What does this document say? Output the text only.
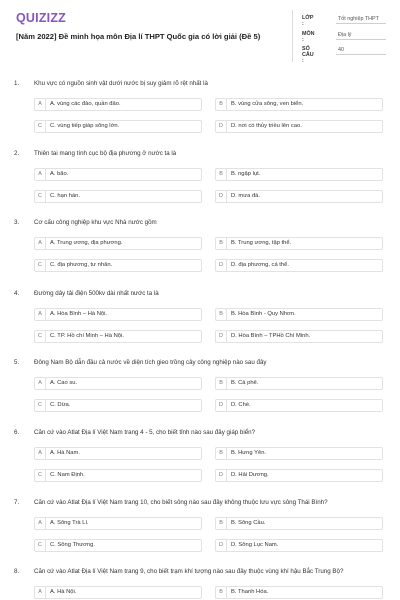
QUIZIZZ
[Năm 2022] Đề minh họa môn Địa lí THPT Quốc gia có lời giải (Đề 5)
LỚP :
Tốt nghiệp THPT
MÔN :
Địa lý
SỐ CÂU :
40
1. Khu vực có nguồn sinh vật dưới nước bị suy giảm rõ rệt nhất là
A	A. vùng các đảo, quần đảo.	B	B. vùng cửa sông, ven biển.
C	C. vùng tiếp giáp sông lớn.	D	D. nơi có thủy triều lên cao.
2. Thiên tai mang tính cục bộ địa phương ở nước ta là
A	A. bão.	B	B. ngập lụt.
C	C. hạn hán.	D	D. mưa đá.
3. Cơ cấu công nghiệp khu vực Nhà nước gồm
A	A. Trung ương, địa phương.	B	B. Trung ương, tập thể.
C	C. địa phương, tư nhân.	D	D. địa phương, cá thể.
4. Đường dây tải điện 500kv dài nhất nước ta là
A	A. Hòa Bình – Hà Nội.	B	B. Hòa Bình - Quy Nhơn.
C	C. TP. Hồ chí Minh – Hà Nội.	D	D. Hòa Bình – TPHồ Chí Minh.
5. Đông Nam Bộ dẫn đầu cả nước về diện tích gieo trồng cây công nghiệp nào sau đây
A	A. Cao su.	B	B. Cà phê.
C	C. Dừa.	D	D. Chè.
6. Căn cứ vào Atlat Địa lí Việt Nam trang 4 - 5, cho biết tỉnh nào sau đây giáp biển?
A	A. Hà Nam.	B	B. Hưng Yên.
C	C. Nam Định.	D	D. Hải Dương.
7. Căn cứ vào Atlat Địa lí Việt Nam trang 10, cho biết sông nào sau đây không thuộc lưu vực sông Thái Bình?
A	A. Sông Trà Lí.	B	B. Sông Cầu.
C	C. Sông Thương.	D	D. Sông Lục Nam.
8. Căn cứ vào Atlat Địa lí Việt Nam trang 9, cho biết trạm khí tượng nào sau đây thuộc vùng khí hậu Bắc Trung Bộ?
A	A. Hà Nội.	B	B. Thanh Hóa.
